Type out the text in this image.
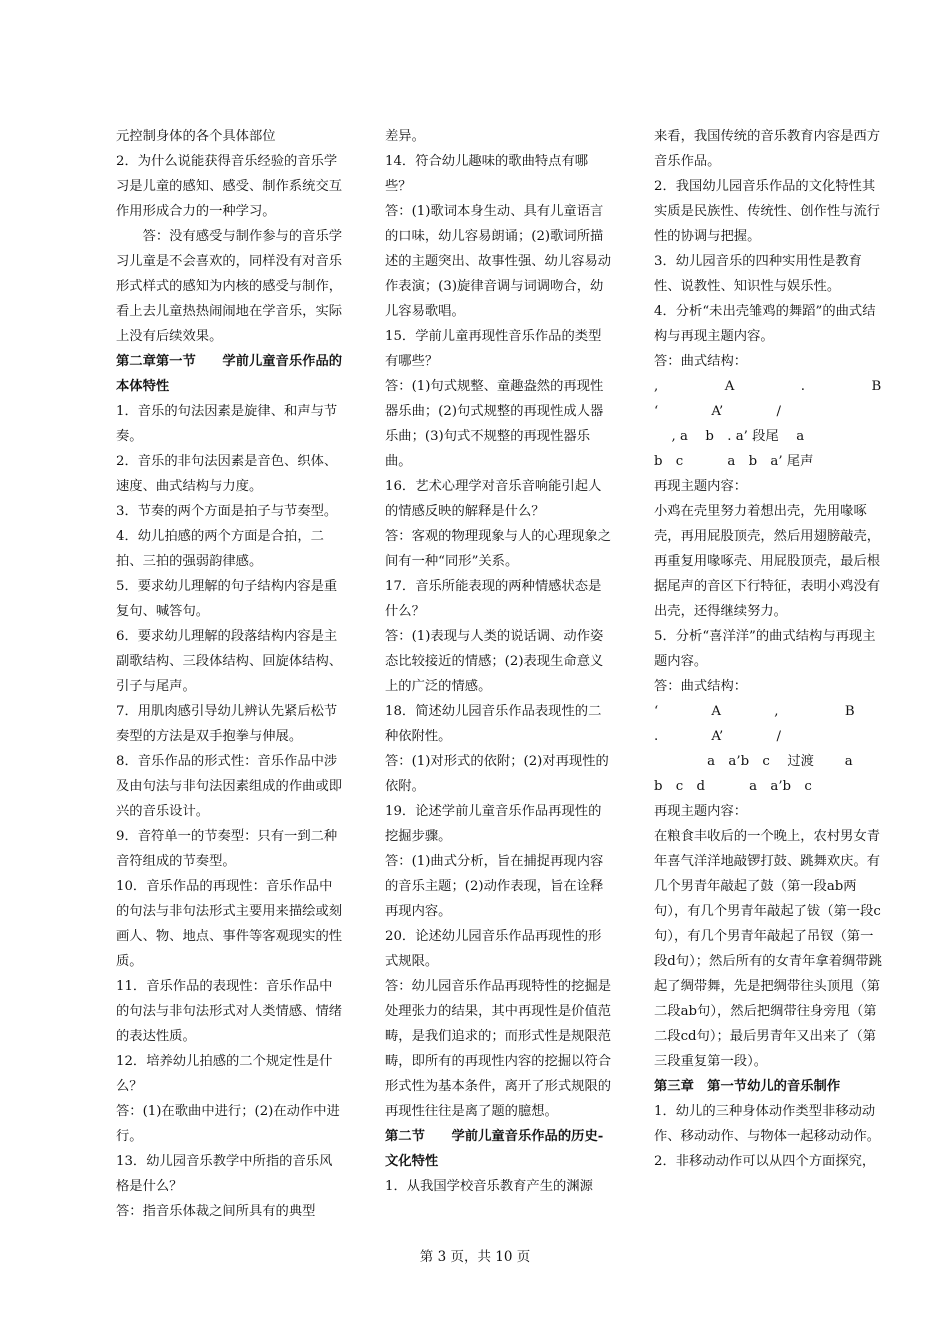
元控制身体的各个具体部位

2．为什么说能获得音乐经验的音乐学习是儿童的感知、感受、制作系统交互作用形成合力的一种学习。

答：没有感受与制作参与的音乐学习儿童是不会喜欢的，同样没有对音乐形式样式的感知为内核的感受与制作，看上去儿童热热闹闹地在学音乐，实际上没有后续效果。

第二章第一节　　学前儿童音乐作品的本体特性

1．音乐的句法因素是旋律、和声与节奏。

2．音乐的非句法因素是音色、织体、速度、曲式结构与力度。

3．节奏的两个方面是拍子与节奏型。

4．幼儿拍感的两个方面是合拍，二拍、三拍的强弱韵律感。

5．要求幼儿理解的句子结构内容是重复句、喊答句。

6．要求幼儿理解的段落结构内容是主副歌结构、三段体结构、回旋体结构、引子与尾声。

7．用肌肉感引导幼儿辨认先紧后松节奏型的方法是双手抱拳与伸展。

8．音乐作品的形式性：音乐作品中涉及由句法与非句法因素组成的作曲或即兴的音乐设计。

9．音符单一的节奏型：只有一到二种音符组成的节奏型。

10．音乐作品的再现性：音乐作品中的句法与非句法形式主要用来描绘或刻画人、物、地点、事件等客观现实的性质。

11．音乐作品的表现性：音乐作品中的句法与非句法形式对人类情感、情绪的表达性质。

12．培养幼儿拍感的二个规定性是什么？

答：(1)在歌曲中进行；(2)在动作中进行。

13．幼儿园音乐教学中所指的音乐风格是什么？

答：指音乐体裁之间所具有的典型

差异。

14．符合幼儿趣味的歌曲特点有哪些？

答：(1)歌词本身生动、具有儿童语言的口味，幼儿容易朗诵；(2)歌词所描述的主题突出、故事性强、幼儿容易动作表演；(3)旋律音调与词调吻合，幼儿容易歌唱。

15．学前儿童再现性音乐作品的类型有哪些？

答：(1)句式规整、童趣盎然的再现性器乐曲；(2)句式规整的再现性成人器乐曲；(3)句式不规整的再现性器乐曲。

16．艺术心理学对音乐音响能引起人的情感反映的解释是什么？

答：客观的物理现象与人的心理现象之间有一种“同形”关系。

17．音乐所能表现的两种情感状态是什么？

答：(1)表现与人类的说话调、动作姿态比较接近的情感；(2)表现生命意义上的广泛的情感。

18．简述幼儿园音乐作品表现性的二种依附性。

答：(1)对形式的依附；(2)对再现性的依附。

19．论述学前儿童音乐作品再现性的挖掘步骤。

答：(1)曲式分析，旨在捕捉再现内容的音乐主题；(2)动作表现，旨在诠释再现内容。

20．论述幼儿园音乐作品再现性的形式规限。

答：幼儿园音乐作品再现特性的挖掘是处理张力的结果，其中再现性是价值范畴，是我们追求的；而形式性是规限范畴，即所有的再现性内容的挖掘以符合形式性为基本条件，离开了形式规限的再现性往往是离了题的臆想。

第二节　　学前儿童音乐作品的历史-文化特性

1．从我国学校音乐教育产生的渊源

来看，我国传统的音乐教育内容是西方音乐作品。

2．我国幼儿园音乐作品的文化特性其实质是民族性、传统性、创作性与流行性的协调与把握。

3．幼儿园音乐的四种实用性是教育性、说教性、知识性与娱乐性。

4．分析“未出壳雏鸡的舞蹈”的曲式结构与再现主题内容。

答：曲式结构：

,　　　　　A　　　　　.　　　　　B

‘　　　　A’　　　　/

　 , a　 b　. a’ 段尾　 a

b　c　　　 a　b　a’ 尾声

再现主题内容：

小鸡在壳里努力着想出壳，先用喙啄壳，再用屁股顶壳，然后用翅膀敲壳，再重复用喙啄壳、用屁股顶壳，最后根据尾声的音区下行特征，表明小鸡没有出壳，还得继续努力。

5．分析“喜洋洋”的曲式结构与再现主题内容。

答：曲式结构：

‘　　　　A　　　　,　　　　　B

.　　　　A’　　　　/

　　　　a　a’b　c　 过渡　　 a

b　c　d　　　 a　a’b　c

再现主题内容：

在粮食丰收后的一个晚上，农村男女青年喜气洋洋地敲锣打鼓、跳舞欢庆。有几个男青年敲起了鼓（第一段ab两句），有几个男青年敲起了钹（第一段c句），有几个男青年敲起了吊钗（第一段d句）；然后所有的女青年拿着绸带跳起了绸带舞，先是把绸带往头顶甩（第二段ab句），然后把绸带往身旁甩（第二段cd句）；最后男青年又出来了（第三段重复第一段）。

第三章　第一节幼儿的音乐制作

1．幼儿的三种身体动作类型非移动动作、移动动作、与物体一起移动动作。

2．非移动动作可以从四个方面探究，

第 3 页，共 10 页
